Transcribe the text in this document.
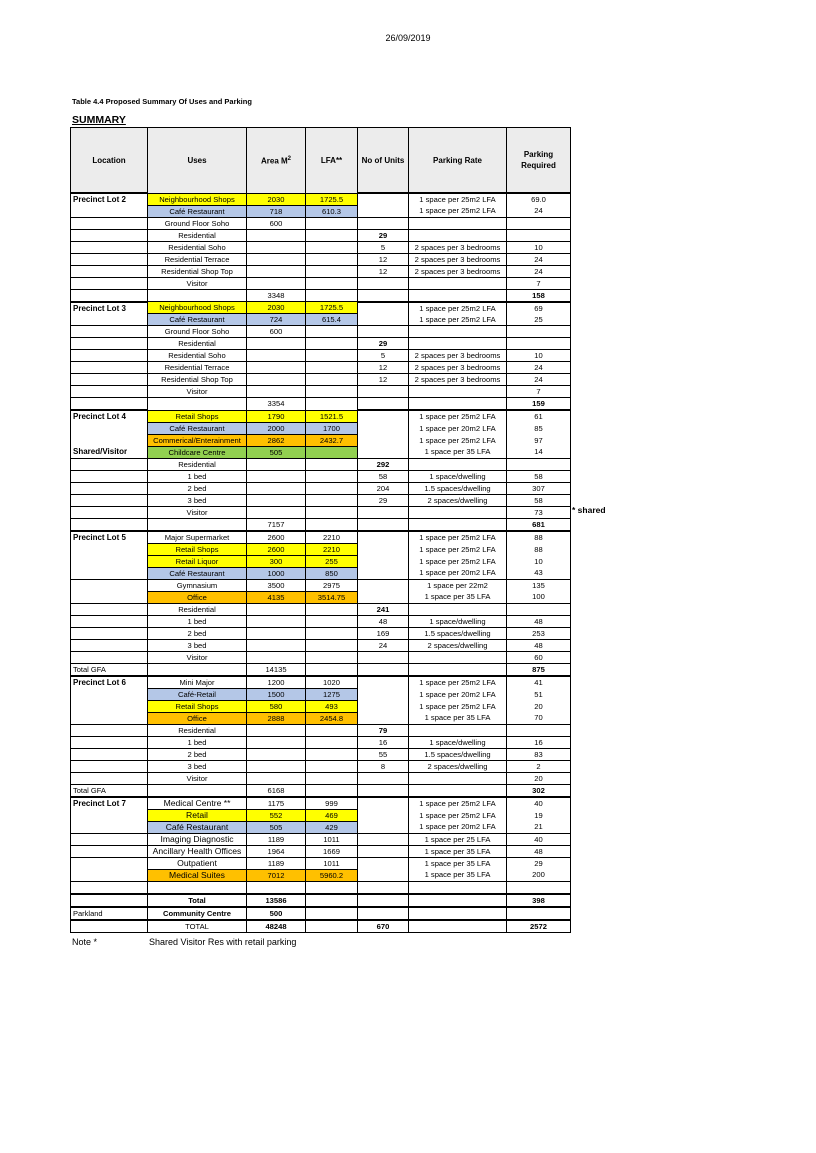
26/09/2019
Table 4.4 Proposed Summary Of Uses and Parking
SUMMARY
Location	Uses	Area $M^2$	LFA**	No of Units	Parking Rate	Parking
Required
Precinct Lot 2	Neighbourhood Shops	2030	1725.5		1 space per 25m2 LFA	69.0
	Café Restaurant	718	610.3		1 space per 25m2 LFA	24
	Ground Floor Soho	600				
	Residential			29		
	Residential Soho			5	2 spaces per 3 bedrooms	10
	Residential Terrace			12	2 spaces per 3 bedrooms	24
	Residential Shop Top			12	2 spaces per 3 bedrooms	24
	Visitor					7
		3348				158
Precinct Lot 3	Neighbourhood Shops	2030	1725.5		1 space per 25m2 LFA	69
	Café Restaurant	724	615.4		1 space per 25m2 LFA	25
	Ground Floor Soho	600				
	Residential			29		
	Residential Soho			5	2 spaces per 3 bedrooms	10
	Residential Terrace			12	2 spaces per 3 bedrooms	24
	Residential Shop Top			12	2 spaces per 3 bedrooms	24
	Visitor					7
		3354				159
Precinct Lot 4	Retail Shops	1790	1521.5		1 space per 25m2 LFA	61
	Café Restaurant	2000	1700		1 space per 20m2 LFA	85
	Commerical/Enterainment	2862	2432.7		1 space per 25m2 LFA	97
Shared/Visitor	Childcare Centre	505			1 space per 35 LFA	14
	Residential			292		
	1 bed			58	1 space/dwelling	58
	2 bed			204	1.5 spaces/dwelling	307
	3 bed			29	2 spaces/dwelling	58
	Visitor					73
		7157				681
Precinct Lot 5	Major Supermarket	2600	2210		1 space per 25m2 LFA	88
	Retail Shops	2600	2210		1 space per 25m2 LFA	88
	Retail Liquor	300	255		1 space per 25m2 LFA	10
	Café Restaurant	1000	850		1 space per 20m2 LFA	43
	Gymnasium	3500	2975		1 space per 22m2	135
	Office	4135	3514.75		1 space per 35 LFA	100
	Residential			241		
	1 bed			48	1 space/dwelling	48
	2 bed			169	1.5 spaces/dwelling	253
	3 bed			24	2 spaces/dwelling	48
	Visitor					60
Total GFA		14135				875
Precinct Lot 6	Mini Major	1200	1020		1 space per 25m2 LFA	41
	Café-Retail	1500	1275		1 space per 20m2 LFA	51
	Retail Shops	580	493		1 space per 25m2 LFA	20
	Office	2888	2454.8		1 space per 35 LFA	70
	Residential			79		
	1 bed			16	1 space/dwelling	16
	2 bed			55	1.5 spaces/dwelling	83
	3 bed			8	2 spaces/dwelling	2
	Visitor					20
Total GFA		6168				302
Precinct Lot 7	Medical Centre **	1175	999		1 space per 25m2 LFA	40
	Retail	552	469		1 space per 25m2 LFA	19
	Café Restaurant	505	429		1 space per 20m2 LFA	21
	Imaging Diagnostic	1189	1011		1 space per 25 LFA	40
	Ancillary Health Offices	1964	1669		1 space per 35 LFA	48
	Outpatient	1189	1011		1 space per 35 LFA	29
	Medical Suites	7012	5960.2		1 space per 35 LFA	200

	Total	13586				398
Parkland	Community Centre	500				
	TOTAL	48248		670		2572
* shared
Note *	Shared Visitor Res with retail parking
